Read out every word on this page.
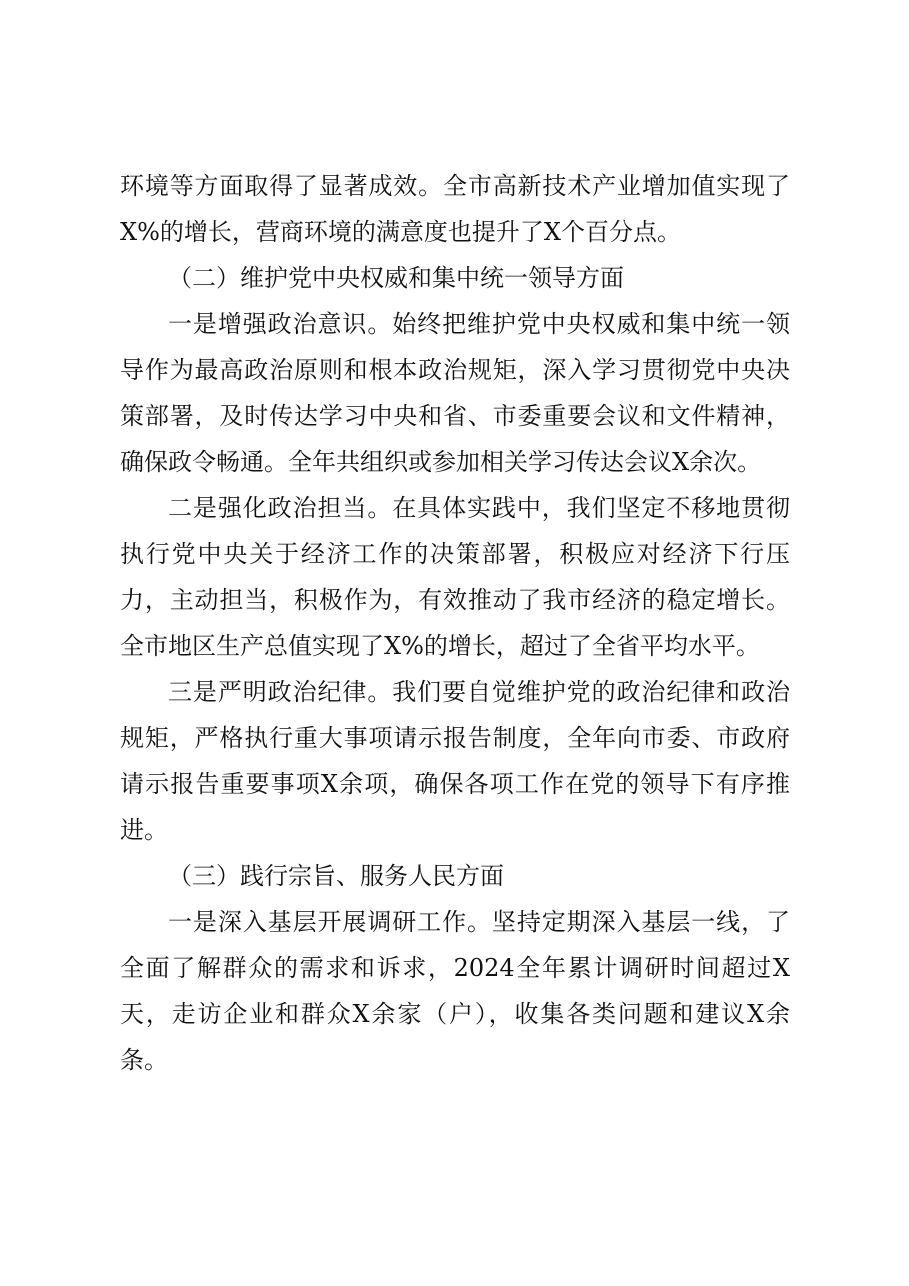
环境等方面取得了显著成效。全市高新技术产业增加值实现了X%的增长，营商环境的满意度也提升了X个百分点。

（二）维护党中央权威和集中统一领导方面

一是增强政治意识。始终把维护党中央权威和集中统一领导作为最高政治原则和根本政治规矩，深入学习贯彻党中央决策部署，及时传达学习中央和省、市委重要会议和文件精神，确保政令畅通。全年共组织或参加相关学习传达会议X余次。

二是强化政治担当。在具体实践中，我们坚定不移地贯彻执行党中央关于经济工作的决策部署，积极应对经济下行压力，主动担当，积极作为，有效推动了我市经济的稳定增长。全市地区生产总值实现了X%的增长，超过了全省平均水平。

三是严明政治纪律。我们要自觉维护党的政治纪律和政治规矩，严格执行重大事项请示报告制度，全年向市委、市政府请示报告重要事项X余项，确保各项工作在党的领导下有序推进。

（三）践行宗旨、服务人民方面

一是深入基层开展调研工作。坚持定期深入基层一线，了全面了解群众的需求和诉求，2024全年累计调研时间超过X天，走访企业和群众X余家（户），收集各类问题和建议X余条。
